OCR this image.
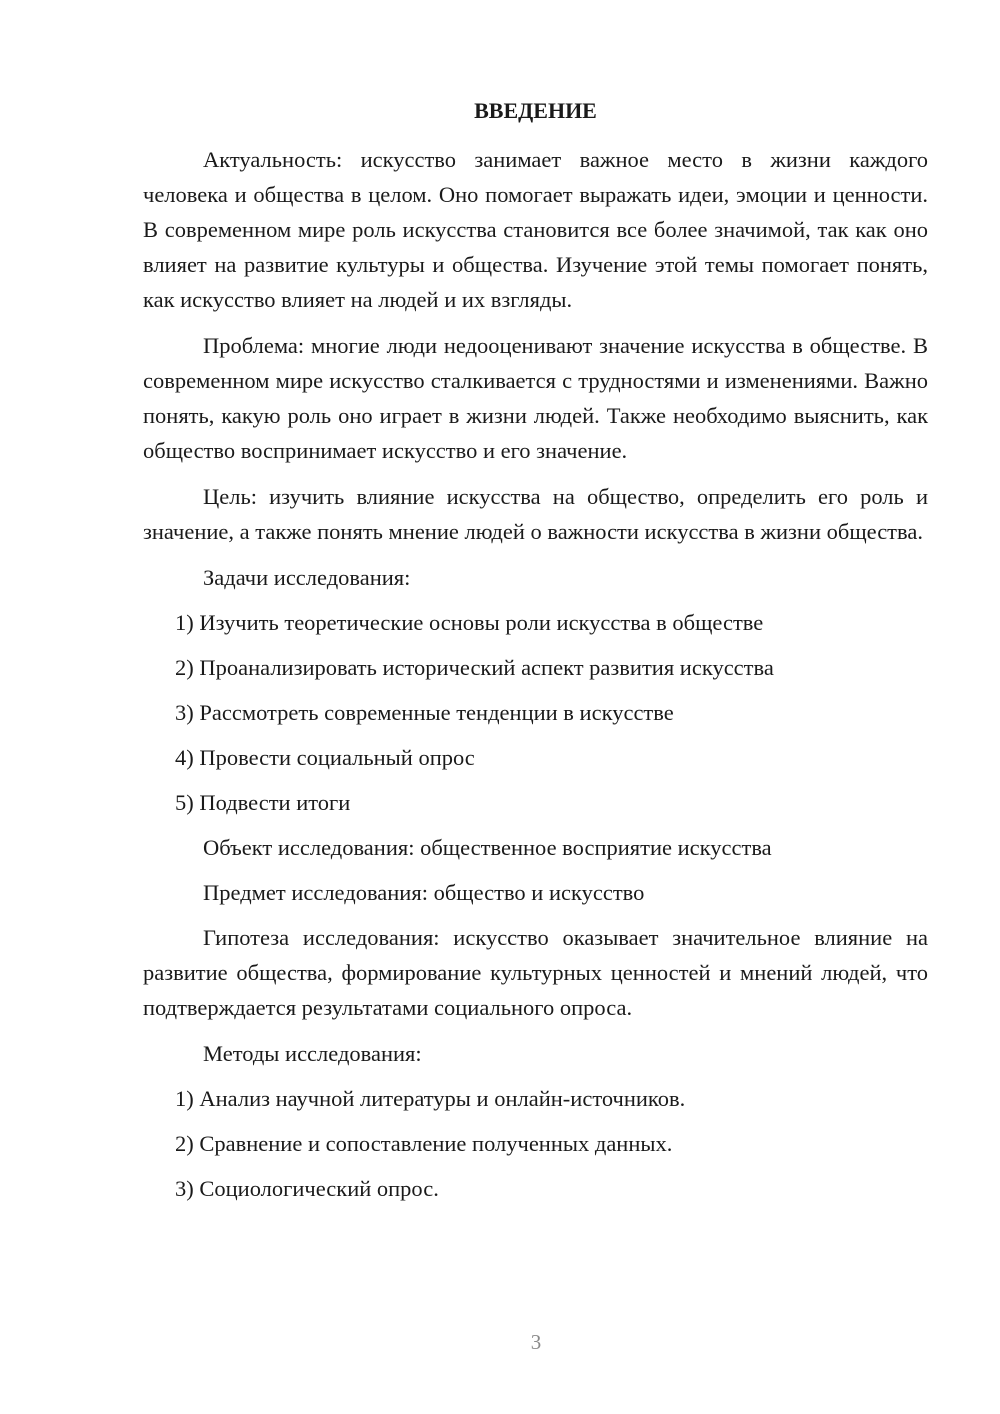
ВВЕДЕНИЕ
Актуальность: искусство занимает важное место в жизни каждого человека и общества в целом. Оно помогает выражать идеи, эмоции и ценности. В современном мире роль искусства становится все более значимой, так как оно влияет на развитие культуры и общества. Изучение этой темы помогает понять, как искусство влияет на людей и их взгляды.
Проблема: многие люди недооценивают значение искусства в обществе. В современном мире искусство сталкивается с трудностями и изменениями. Важно понять, какую роль оно играет в жизни людей. Также необходимо выяснить, как общество воспринимает искусство и его значение.
Цель: изучить влияние искусства на общество, определить его роль и значение, а также понять мнение людей о важности искусства в жизни общества.
Задачи исследования:
1) Изучить теоретические основы роли искусства в обществе
2) Проанализировать исторический аспект развития искусства
3) Рассмотреть современные тенденции в искусстве
4) Провести социальный опрос
5) Подвести итоги
Объект исследования: общественное восприятие искусства
Предмет исследования: общество и искусство
Гипотеза исследования: искусство оказывает значительное влияние на развитие общества, формирование культурных ценностей и мнений людей, что подтверждается результатами социального опроса.
Методы исследования:
1) Анализ научной литературы и онлайн-источников.
2) Сравнение и сопоставление полученных данных.
3) Социологический опрос.
3
